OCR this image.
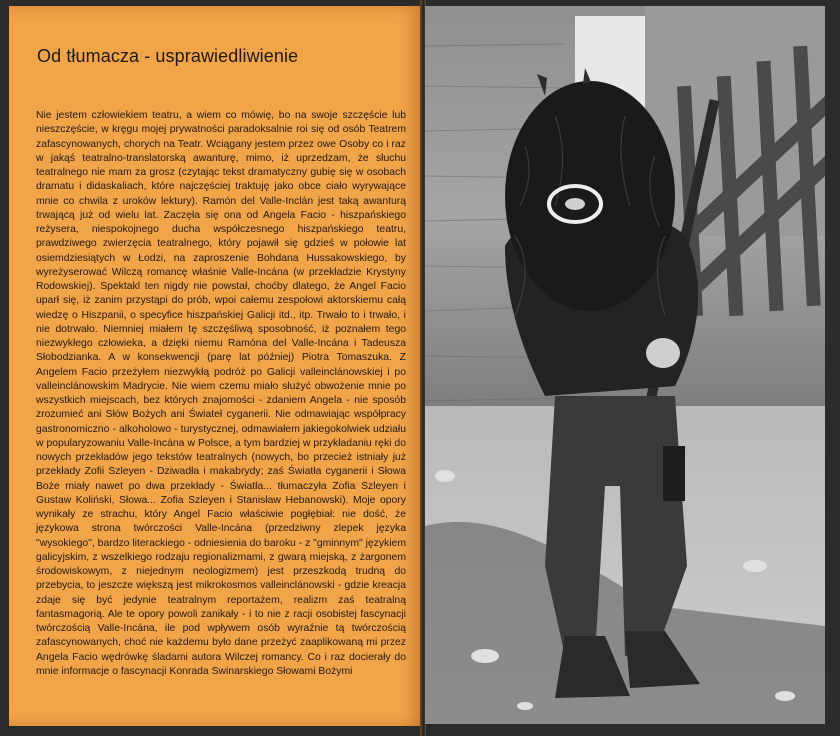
Od tłumacza - usprawiedliwienie
Nie jestem człowiekiem teatru, a wiem co mówię, bo na swoje szczęście lub nieszczęście, w kręgu mojej prywatności paradoksalnie roi się od osób Teatrem zafascynowanych, chorych na Teatr. Wciągany jestem przez owe Osoby co i raz w jakąś teatralno-translatorską awanturę, mimo, iż uprzedzam, że słuchu teatralnego nie mam za grosz (czytając tekst dramatyczny gubię się w osobach dramatu i didaskaliach, które najczęściej traktuję jako obce ciało wyrywające mnie co chwila z uroków lektury). Ramón del Valle-Inclán jest taką awanturą trwającą już od wielu lat. Zaczęła się ona od Angela Facio - hiszpańskiego reżysera, niespokojnego ducha współczesnego hiszpańskiego teatru, prawdziwego zwierzęcia teatralnego, który pojawił się gdzieś w połowie lat osiemdziesiątych w Łodzi, na zaproszenie Bohdana Hussakowskiego, by wyreżyserować Wilczą romancę właśnie Valle-Incána (w przekładzie Krystyny Rodowskiej). Spektakl ten nigdy nie powstał, choćby dlatego, że Angel Facio uparł się, iż zanim przystąpi do prób, wpoi całemu zespołowi aktorskiemu całą wiedzę o Hiszpanii, o specyfice hiszpańskiej Galicji itd., itp. Trwało to i trwało, i nie dotrwało. Niemniej miałem tę szczęśliwą sposobność, iż poznałem tego niezwykłego człowieka, a dzięki niemu Ramóna del Valle-Incána i Tadeusza Słobodzianka. A w konsekwencji (parę lat później) Piotra Tomaszuka. Z Angelem Facio przeżyłem niezwykłą podróż po Galicji valleinclánowskiej i po valleinclánowskim Madrycie. Nie wiem czemu miało służyć obwożenie mnie po wszystkich miejscach, bez których znajomości - zdaniem Angela - nie sposób zrozumieć ani Słów Bożych ani Świateł cyganerii. Nie odmawiając współpracy gastronomiczno - alkoholowo - turystycznej, odmawiałem jakiegokolwiek udziału w popularyzowaniu Valle-Incána w Polsce, a tym bardziej w przykładaniu ręki do nowych przekładów jego tekstów teatralnych (nowych, bo przecież istniały już przekłady Zofii Szleyen - Dziwadła i makabrydy; zaś Światła cyganerii i Słowa Boże miały nawet po dwa przekłady - Światła... tłumaczyła Zofia Szleyen i Gustaw Koliński, Słowa... Zofia Szleyen i Stanisław Hebanowski). Moje opory wynikały ze strachu, który Angel Facio właściwie pogłębiał: nie dość, że językowa strona twórczości Valle-Incána (przedziwny zlepek języka "wysokiego", bardzo literackiego - odniesienia do baroku - z "gminnym" językiem galicyjskim, z wszelkiego rodzaju regionalizmami, z gwarą miejską, z żargonem środowiskowym, z niejednym neologizmem) jest przeszkodą trudną do przebycia, to jeszcze większą jest mikrokosmos valleinclánowski - gdzie kreacja zdaje się być jedynie teatralnym reportażem, realizm zaś teatralną fantasmagorią. Ale te opory powoli zanikały - i to nie z racji osobistej fascynacji twórczością Valle-Incána, ile pod wpływem osób wyraźnie tą twórczością zafascynowanych, choć nie każdemu było dane przeżyć zaaplikowaną mi przez Angela Facio wędrówkę śladami autora Wilczej romancy. Co i raz docierały do mnie informacje o fascynacji Konrada Swinarskiego Słowami Bożymi
